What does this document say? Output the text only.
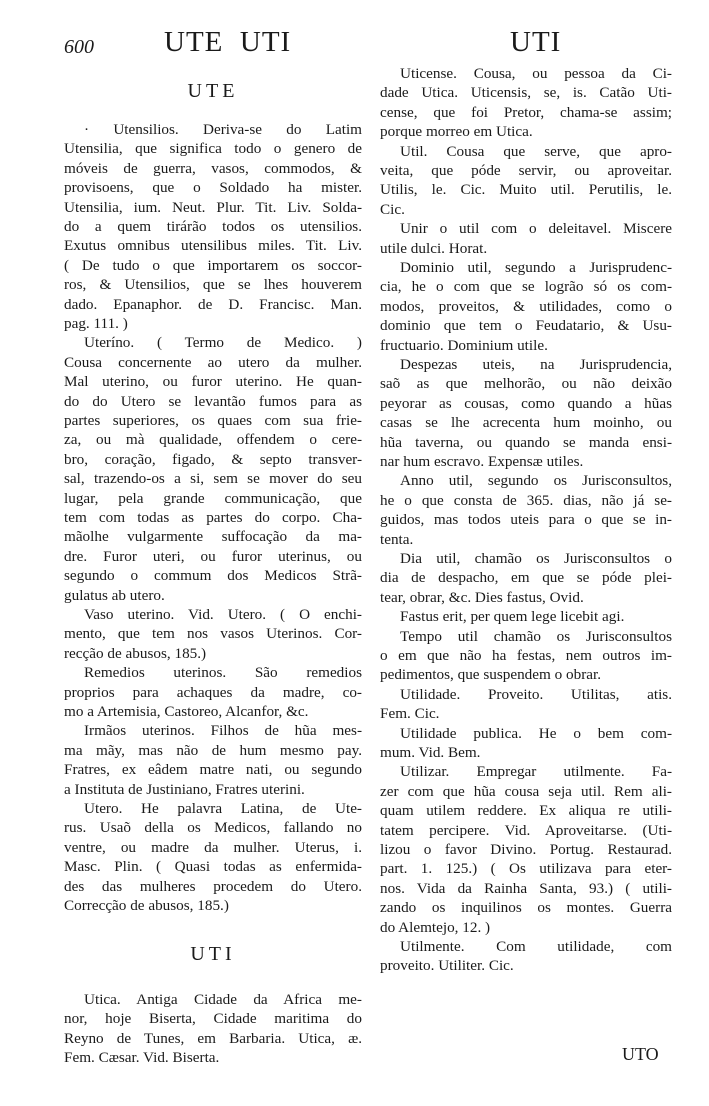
600 UTE  UTI	UTI
UTE
UTI
· Utensilios. Deriva-se do Latim
Utensilia, que significa todo o genero de
móveis de guerra, vasos, commodos, &
provisoens, que o Soldado ha mister.
Utensilia, ium. Neut. Plur. Tit. Liv. Solda-
do a quem tirárão todos os utensilios.
Exutus omnibus utensilibus miles. Tit. Liv.
( De tudo o que importarem os soccor-
ros, & Utensilios, que se lhes houverem
dado. Epanaphor. de D. Francisc. Man.
pag. 111. )
Uteríno. ( Termo de Medico. )
Cousa concernente ao utero da mulher.
Mal uterino, ou furor uterino. He quan-
do do Utero se levantão fumos para as
partes superiores, os quaes com sua frie-
za, ou mà qualidade, offendem o cere-
bro, coração, figado, & septo transver-
sal, trazendo-os a si, sem se mover do seu
lugar, pela grande communicação, que
tem com todas as partes do corpo. Cha-
mãolhe vulgarmente suffocação da ma-
dre. Furor uteri, ou furor uterinus, ou
segundo o commum dos Medicos Strã-
gulatus ab utero.
Vaso uterino. Vid. Utero. ( O enchi-
mento, que tem nos vasos Uterinos. Cor-
recção de abusos, 185.)
Remedios uterinos. São remedios
proprios para achaques da madre, co-
mo a Artemisia, Castoreo, Alcanfor, &c.
Irmãos uterinos. Filhos de hũa mes-
ma mãy, mas não de hum mesmo pay.
Fratres, ex eâdem matre nati, ou segundo
a Instituta de Justiniano, Fratres uterini.
Utero. He palavra Latina, de Ute-
rus. Usaõ della os Medicos, fallando no
ventre, ou madre da mulher. Uterus, i.
Masc. Plin. ( Quasi todas as enfermida-
des das mulheres procedem do Utero.
Correcção de abusos, 185.)
Utica. Antiga Cidade da Africa me-
nor, hoje Biserta, Cidade maritima do
Reyno de Tunes, em Barbaria. Utica, æ.
Fem. Cæsar. Vid. Biserta.
Uticense. Cousa, ou pessoa da Ci-
dade Utica. Uticensis, se, is. Catão Uti-
cense, que foi Pretor, chama-se assim;
porque morreo em Utica.
Util. Cousa que serve, que apro-
veita, que póde servir, ou aproveitar.
Utilis, le. Cic. Muito util. Perutilis, le.
Cic.
Unir o util com o deleitavel. Miscere
utile dulci. Horat.
Dominio util, segundo a Jurisprudenc-
cia, he o com que se logrão só os com-
modos, proveitos, & utilidades, como o
dominio que tem o Feudatario, & Usu-
fructuario. Dominium utile.
Despezas uteis, na Jurisprudencia,
saõ as que melhorão, ou não deixão
peyorar as cousas, como quando a hũas
casas se lhe acrecenta hum moinho, ou
hũa taverna, ou quando se manda ensi-
nar hum escravo. Expensæ utiles.
Anno util, segundo os Jurisconsultos,
he o que consta de 365. dias, não já se-
guidos, mas todos uteis para o que se in-
tenta.
Dia util, chamão os Jurisconsultos o
dia de despacho, em que se póde plei-
tear, obrar, &c. Dies fastus, Ovid.
Fastus erit, per quem lege licebit agi.
Tempo util chamão os Jurisconsultos
o em que não ha festas, nem outros im-
pedimentos, que suspendem o obrar.
Utilidade. Proveito. Utilitas, atis.
Fem. Cic.
Utilidade publica. He o bem com-
mum. Vid. Bem.
Utilizar. Empregar utilmente. Fa-
zer com que hũa cousa seja util. Rem ali-
quam utilem reddere. Ex aliqua re utili-
tatem percipere. Vid. Aproveitarse. (Uti-
lizou o favor Divino. Portug. Restaurad.
part. 1. 125.) ( Os utilizava para eter-
nos. Vida da Rainha Santa, 93.) ( utili-
zando os inquilinos os montes. Guerra
do Alemtejo, 12. )
Utilmente. Com utilidade, com
proveito. Utiliter. Cic.
UTO
